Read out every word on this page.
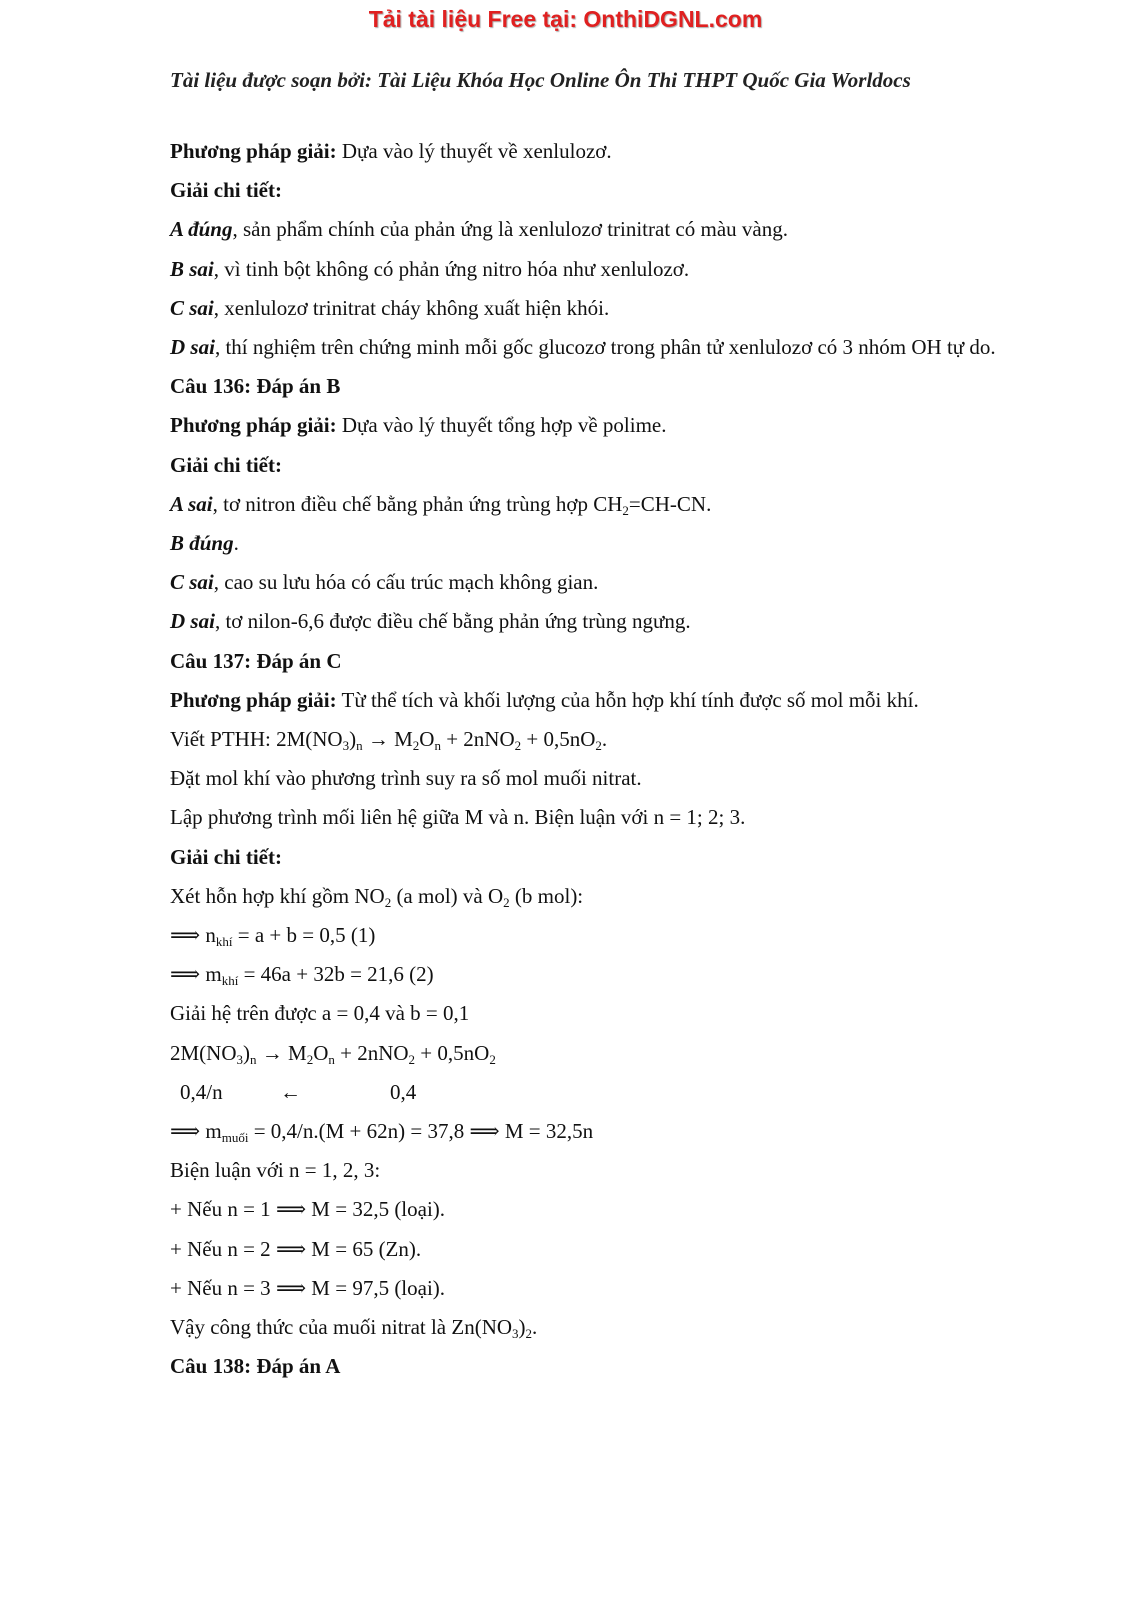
Tải tài liệu Free tại: OnthiDGNL.com
Tài liệu được soạn bởi: Tài Liệu Khóa Học Online Ôn Thi THPT Quốc Gia Worldocs
Phương pháp giải: Dựa vào lý thuyết về xenlulozơ.
Giải chi tiết:
A đúng, sản phẩm chính của phản ứng là xenlulozơ trinitrat có màu vàng.
B sai, vì tinh bột không có phản ứng nitro hóa như xenlulozơ.
C sai, xenlulozơ trinitrat cháy không xuất hiện khói.
D sai, thí nghiệm trên chứng minh mỗi gốc glucozơ trong phân tử xenlulozơ có 3 nhóm OH tự do.
Câu 136: Đáp án B
Phương pháp giải: Dựa vào lý thuyết tổng hợp về polime.
Giải chi tiết:
A sai, tơ nitron điều chế bằng phản ứng trùng hợp $CH_2=CH-CN$.
B đúng.
C sai, cao su lưu hóa có cấu trúc mạch không gian.
D sai, tơ nilon-6,6 được điều chế bằng phản ứng trùng ngưng.
Câu 137: Đáp án C
Phương pháp giải: Từ thể tích và khối lượng của hỗn hợp khí tính được số mol mỗi khí.
Viết PTHH: $2M(NO_3)_n \to M_2O_n + 2nNO_2 + 0,5nO_2$.
Đặt mol khí vào phương trình suy ra số mol muối nitrat.
Lập phương trình mối liên hệ giữa M và n. Biện luận với n = 1; 2; 3.
Giải chi tiết:
Xét hỗn hợp khí gồm $NO_2$ (a mol) và $O_2$ (b mol):
⟹ $n_{khí} = a + b = 0,5$ (1)
⟹ $m_{khí} = 46a + 32b = 21,6$ (2)
Giải hệ trên được a = 0,4 và b = 0,1
$2M(NO_3)_n \to M_2O_n + 2nNO_2 + 0,5nO_2$
0,4/n	←	0,4
⟹ $m_{muối} = 0,4/n.(M + 62n) = 37,8$ ⟹ M = 32,5n
Biện luận với n = 1, 2, 3:
+ Nếu n = 1 ⟹ M = 32,5 (loại).
+ Nếu n = 2 ⟹ M = 65 (Zn).
+ Nếu n = 3 ⟹ M = 97,5 (loại).
Vậy công thức của muối nitrat là $Zn(NO_3)_2$.
Câu 138: Đáp án A
